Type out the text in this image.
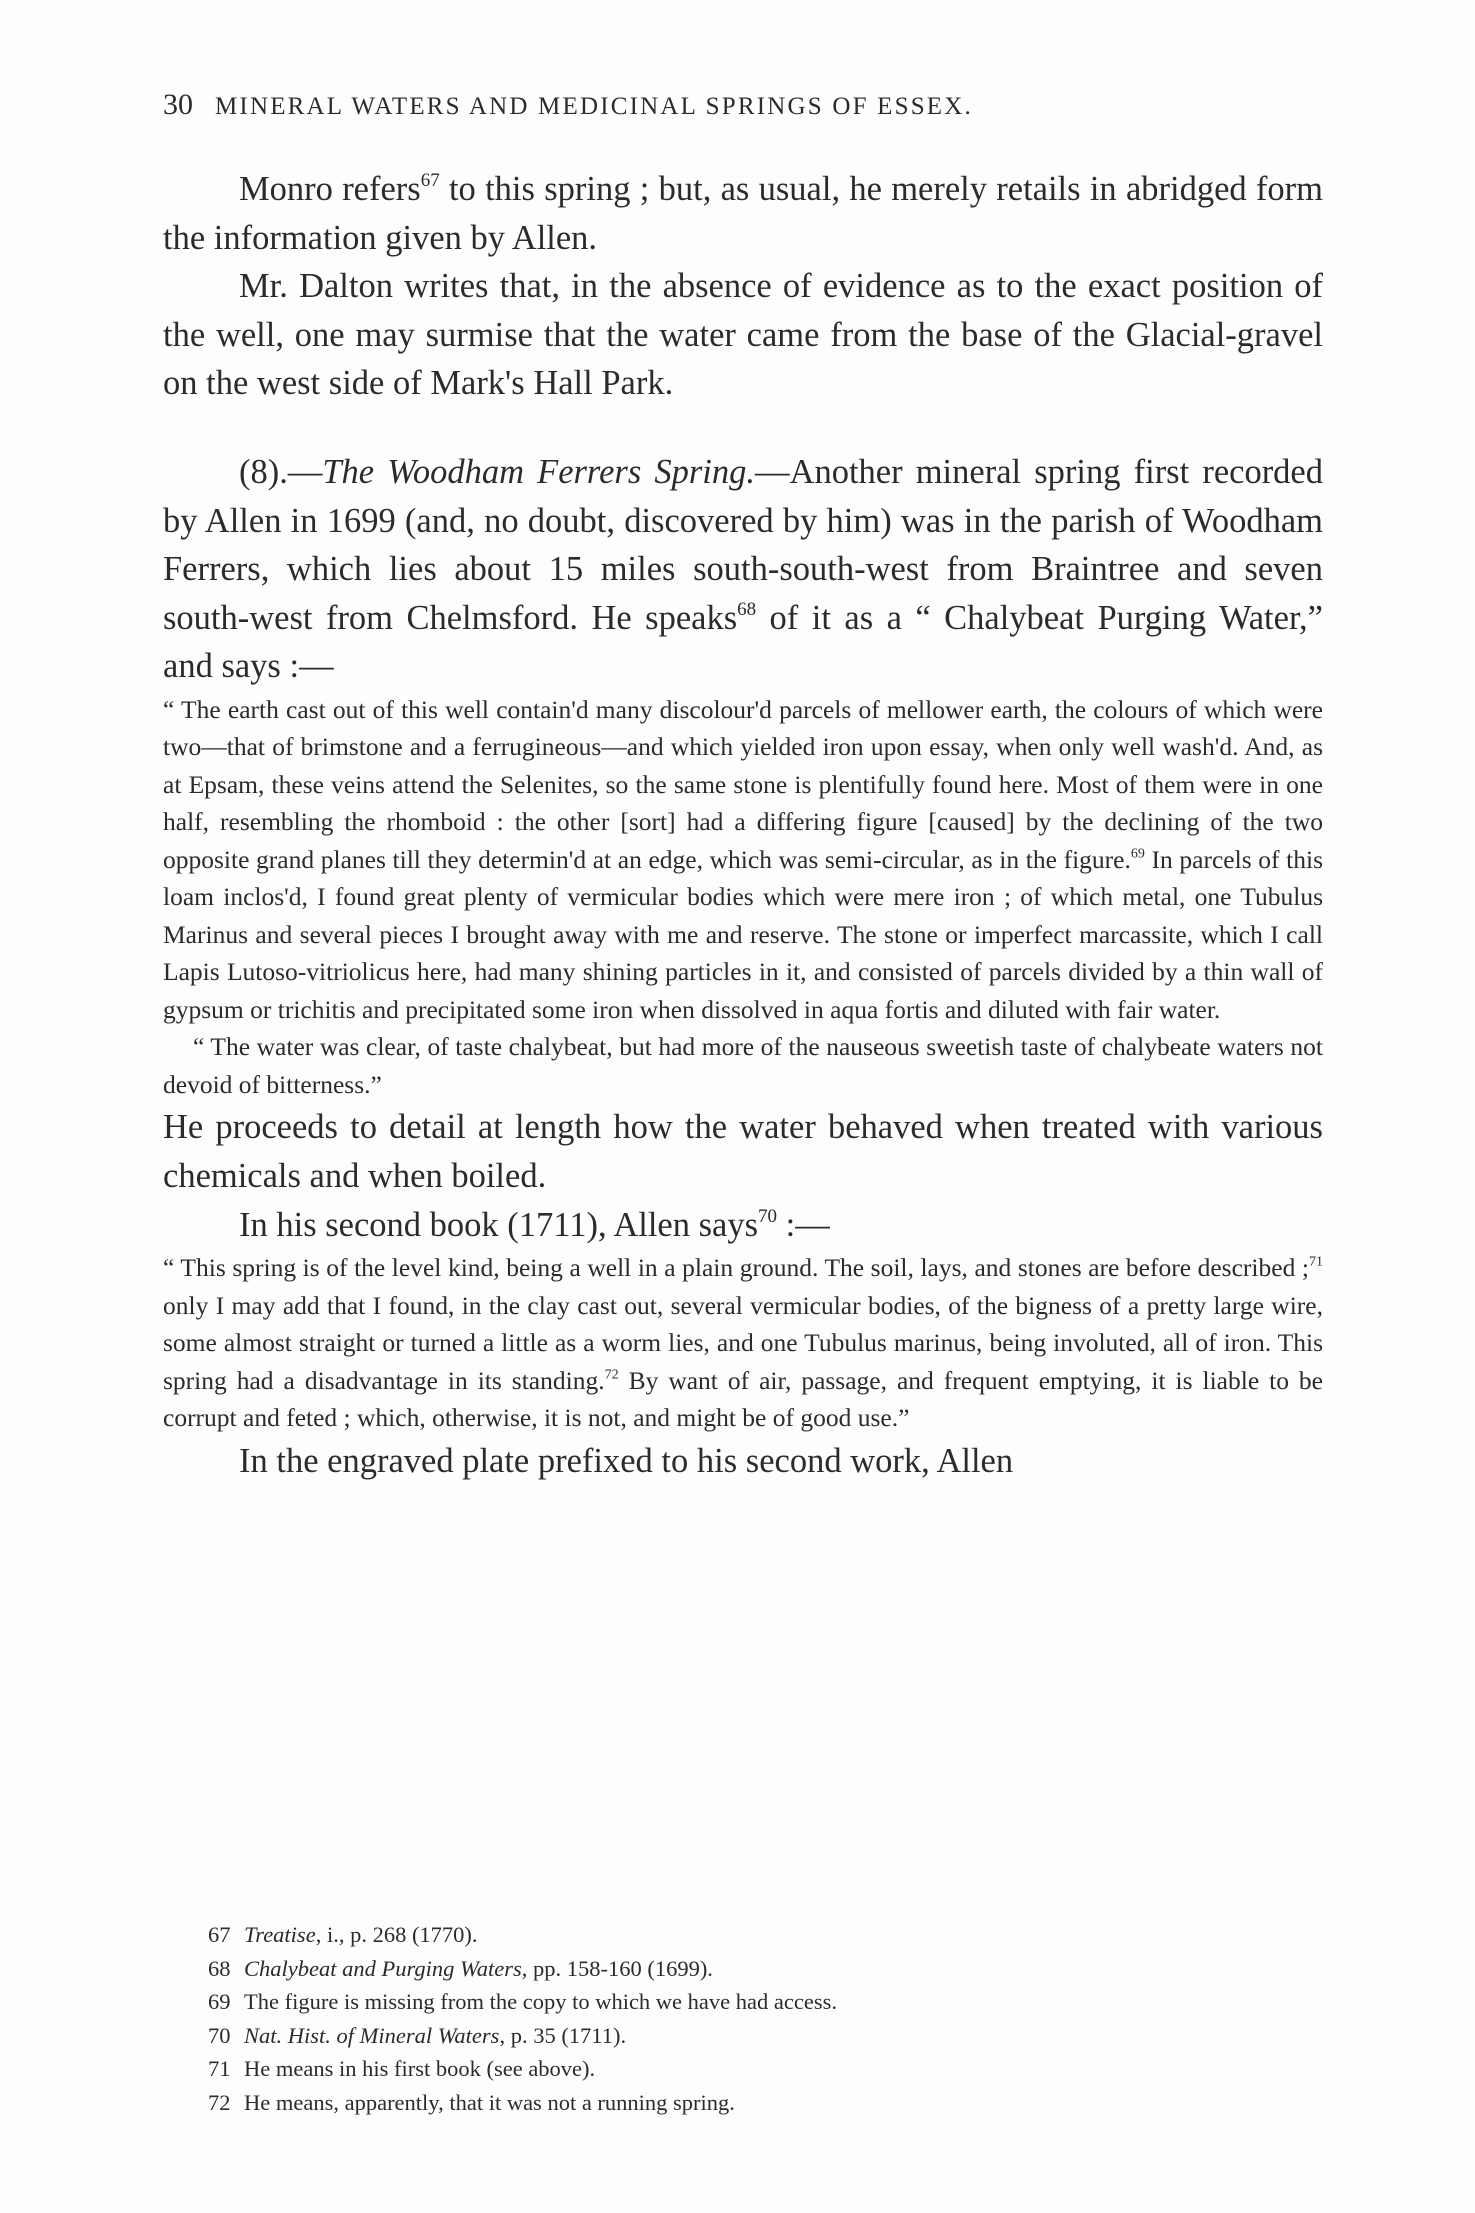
30 MINERAL WATERS AND MEDICINAL SPRINGS OF ESSEX.

Monro refers$^{67}$ to this spring ; but, as usual, he merely retails in abridged form the information given by Allen.

Mr. Dalton writes that, in the absence of evidence as to the exact position of the well, one may surmise that the water came from the base of the Glacial-gravel on the west side of Mark's Hall Park.

(8).—The Woodham Ferrers Spring.—Another mineral spring first recorded by Allen in 1699 (and, no doubt, discovered by him) was in the parish of Woodham Ferrers, which lies about 15 miles south-south-west from Braintree and seven south-west from Chelmsford. He speaks$^{68}$ of it as a “ Chalybeat Purging Water,” and says :—

“ The earth cast out of this well contain'd many discolour'd parcels of mellower earth, the colours of which were two—that of brimstone and a ferrugineous—and which yielded iron upon essay, when only well wash'd. And, as at Epsam, these veins attend the Selenites, so the same stone is plentifully found here. Most of them were in one half, resembling the rhomboid : the other [sort] had a differing figure [caused] by the declining of the two opposite grand planes till they determin'd at an edge, which was semi-circular, as in the figure.$^{69}$ In parcels of this loam inclos'd, I found great plenty of vermicular bodies which were mere iron ; of which metal, one Tubulus Marinus and several pieces I brought away with me and reserve. The stone or imperfect marcassite, which I call Lapis Lutoso-vitriolicus here, had many shining particles in it, and consisted of parcels divided by a thin wall of gypsum or trichitis and precipitated some iron when dissolved in aqua fortis and diluted with fair water.

“ The water was clear, of taste chalybeat, but had more of the nauseous sweetish taste of chalybeate waters not devoid of bitterness.”

He proceeds to detail at length how the water behaved when treated with various chemicals and when boiled.

In his second book (1711), Allen says$^{70}$ :—

“ This spring is of the level kind, being a well in a plain ground. The soil, lays, and stones are before described ;$^{71}$ only I may add that I found, in the clay cast out, several vermicular bodies, of the bigness of a pretty large wire, some almost straight or turned a little as a worm lies, and one Tubulus marinus, being involuted, all of iron. This spring had a disadvantage in its standing.$^{72}$ By want of air, passage, and frequent emptying, it is liable to be corrupt and feted ; which, otherwise, it is not, and might be of good use.”

In the engraved plate prefixed to his second work, Allen

67 Treatise, i., p. 268 (1770).
68 Chalybeat and Purging Waters, pp. 158-160 (1699).
69 The figure is missing from the copy to which we have had access.
70 Nat. Hist. of Mineral Waters, p. 35 (1711).
71 He means in his first book (see above).
72 He means, apparently, that it was not a running spring.
